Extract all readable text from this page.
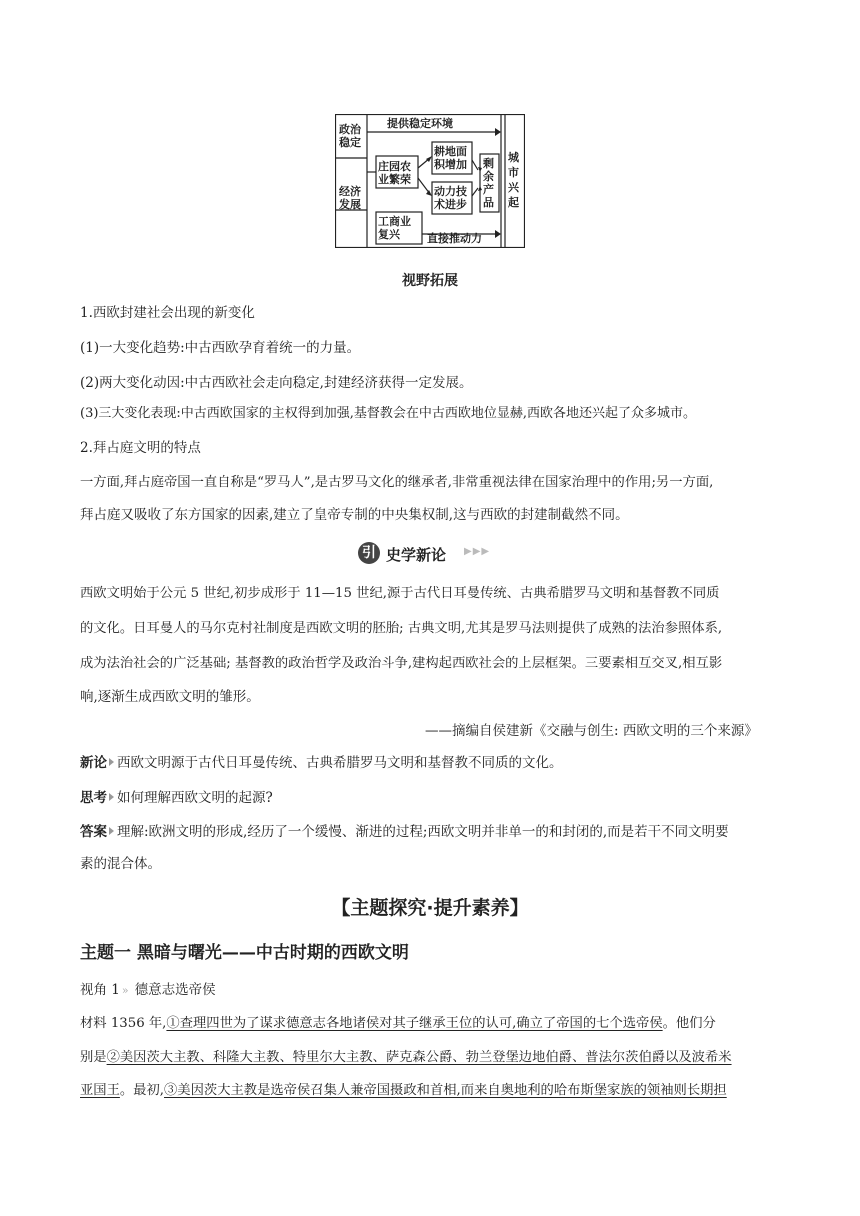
政治
稳定
提供稳定环境
经济
发展
庄园农
业繁荣
耕地面
积增加
动力技
术进步
剩
余
产
品
工商业
复兴	直接推动力
城
市
兴
起
视野拓展
1.西欧封建社会出现的新变化
(1)一大变化趋势:中古西欧孕育着统一的力量。
(2)两大变化动因:中古西欧社会走向稳定,封建经济获得一定发展。
(3)三大变化表现:中古西欧国家的主权得到加强,基督教会在中古西欧地位显赫,西欧各地还兴起了众多城市。
2.拜占庭文明的特点
一方面,拜占庭帝国一直自称是“罗马人”,是古罗马文化的继承者,非常重视法律在国家治理中的作用;另一方面,
拜占庭又吸收了东方国家的因素,建立了皇帝专制的中央集权制,这与西欧的封建制截然不同。
引 史学新论 ▶▶▶
西欧文明始于公元 5 世纪,初步成形于 11—15 世纪,源于古代日耳曼传统、古典希腊罗马文明和基督教不同质
的文化。日耳曼人的马尔克村社制度是西欧文明的胚胎; 古典文明,尤其是罗马法则提供了成熟的法治参照体系,
成为法治社会的广泛基础; 基督教的政治哲学及政治斗争,建构起西欧社会的上层框架。三要素相互交叉,相互影
响,逐渐生成西欧文明的雏形。
——摘编自侯建新《交融与创生: 西欧文明的三个来源》
新论 西欧文明源于古代日耳曼传统、古典希腊罗马文明和基督教不同质的文化。
思考 如何理解西欧文明的起源?
答案 理解:欧洲文明的形成,经历了一个缓慢、渐进的过程;西欧文明并非单一的和封闭的,而是若干不同文明要
素的混合体。
【主题探究·提升素养】
主题一 黑暗与曙光——中古时期的西欧文明
视角 1 » 德意志选帝侯
材料 1356 年,①查理四世为了谋求德意志各地诸侯对其子继承王位的认可,确立了帝国的七个选帝侯。他们分
别是②美因茨大主教、科隆大主教、特里尔大主教、萨克森公爵、勃兰登堡边地伯爵、普法尔茨伯爵以及波希米
亚国王。最初,③美因茨大主教是选帝侯召集人兼帝国摄政和首相,而来自奥地利的哈布斯堡家族的领袖则长期担
